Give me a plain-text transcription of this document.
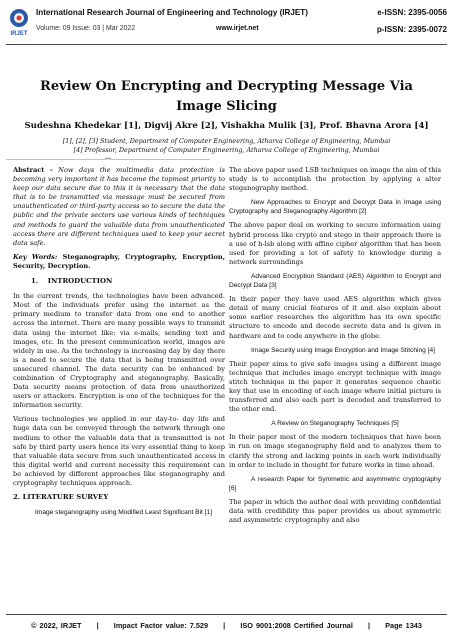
IRJET
International Research Journal of Engineering and Technology (IRJET)
Volume: 09 Issue: 03 | Mar 2022	www.irjet.net
e-ISSN: 2395-0056
p-ISSN: 2395-0072
Review On Encrypting and Decrypting Message Via Image Slicing
Sudeshna Khedekar [1], Digvij Akre [2], Vishakha Mulik [3], Prof. Bhavna Arora [4]
[1], [2], [3] Student, Department of Computer Engineering, Atharva College of Engineering, Mumbai
[4] Professor, Department of Computer Engineering, Atharva College of Engineering, Mumbai
-----------------------------------------------------------------------------------***-----------------------------------------------------------------------------------

Abstract - Now days the multimedia data protection is becoming very important it has become the topmost priority to keep our data secure due to this it is necessary that the data that is to be transmitted via message must be secured from unauthenticated or third-party access so to secure the data the public and the private sectors use various kinds of techniques and methods to guard the valuable data from unauthenticated access there are different techniques used to keep your secret data safe.

Key Words: Steganography, Cryptography, Encryption, Security, Decryption.

1.    INTRODUCTION

In the current trends, the technologies have been advanced. Most of the individuals prefer using the internet as the primary medium to transfer data from one end to another across the internet. There are many possible ways to transmit data using the internet like: via e-mails, sending text and images, etc. In the present communication world, images are widely in use. As the technology is increasing day by day there is a need to secure the data that is being transmitted over unsecured channel. The data security can be enhanced by combination of Cryptography and steganography. Basically, Data security means protection of data from unauthorized users or attackers. Encryption is one of the techniques for the information security.

Various technologies we applied in our day-to- day life and huge data can be conveyed through the network through one medium to other the valuable data that is transmitted is not safe by third party users hence its very essential thing to keep that valuable data secure from such unauthenticated access in this digital world and current necessity this requirement can be achieved by different approaches like steganography and cryptography techniques approach.

2. LITERATURE SURVEY

Image steganography using Modified Least Significant Bit [1]

The above paper used LSB techniques on image the aim of this study is to accomplish the protection by applying a alter steganography method.

New Approaches to Encrypt and Decrypt Data in Image using Cryptography and Steganography Algorithm [2]

The above paper deal on working to secure information using hybrid process like crypto and stego in their approach there is a use of h-lsb along with affine cipher algorithm that has been used for providing a lot of safety to knowledge during a network surroundings

Advanced Encryption Standard (AES) Algorithm to Encrypt and Decrypt Data [3]

In their paper they have used AES algorithm which gives detail of many crucial features of it and also explain about some earlier researches the algorithm has its own specific structure to encode and decode secrete data and is given in hardware and to code anywhere in the globe.

Image Security using Image Encryption and Image Stitching [4]

Their paper aims to give safe images using a different image technique that includes image encrypt technique with image stitch technique in the paper it generates sequence chaotic key that use in encoding of each image where initial picture is transferred and also each part is decoded and transferred to the other end.

A Review on Steganography Techniques [5]

In their paper most of the modern techniques that have been in run on image steganography field and to analyzes them to clarify the strong and lacking points in each work individually in order to include in thought for future works in time ahead.

A research Paper for Symmetric and asymmetric cryptography [6]

The paper in which the author deal with providing confidential data with credibility this paper provides us about symmetric and asymmetric cryptography and also

© 2022, IRJET     |     Impact Factor value: 7.529     |     ISO 9001:2008 Certified Journal     |     Page 1343
